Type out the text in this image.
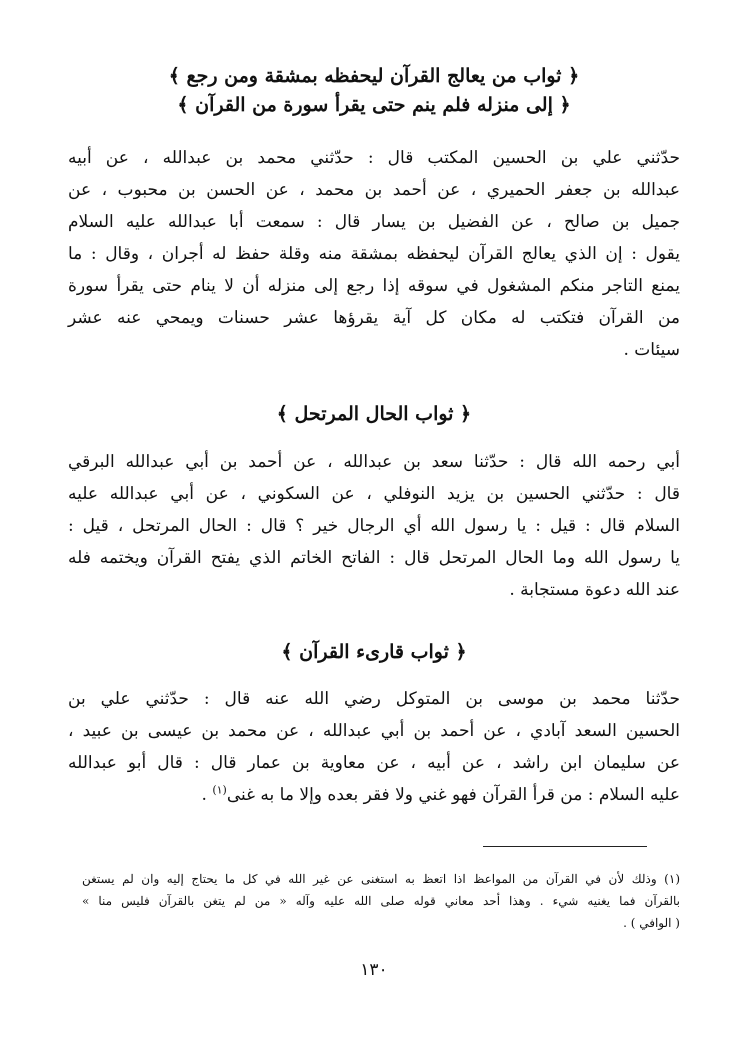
﴿ ثواب من يعالج القرآن ليحفظه بمشقة ومن رجع ﴾
﴿ إلى منزله فلم ينم حتى يقرأ سورة من القرآن ﴾

حدّثني علي بن الحسين المكتب قال : حدّثني محمد بن عبدالله ، عن أبيه

عبدالله بن جعفر الحميري ، عن أحمد بن محمد ، عن الحسن بن محبوب ، عن

جميل بن صالح ، عن الفضيل بن يسار قال : سمعت أبا عبدالله عليه السلام

يقول : إن الذي يعالج القرآن ليحفظه بمشقة منه وقلة حفظ له أجران ، وقال : ما

يمنع التاجر منكم المشغول في سوقه إذا رجع إلى منزله أن لا ينام حتى يقرأ سورة

من القرآن فتكتب له مكان كل آية يقرؤها عشر حسنات ويمحي عنه عشر

سيئات .

﴿ ثواب الحال المرتحل ﴾

أبي رحمه الله قال : حدّثنا سعد بن عبدالله ، عن أحمد بن أبي عبدالله البرقي

قال : حدّثني الحسين بن يزيد النوفلي ، عن السكوني ، عن أبي عبدالله عليه

السلام قال : قيل : يا رسول الله أي الرجال خير ؟ قال : الحال المرتحل ، قيل :

يا رسول الله وما الحال المرتحل قال : الفاتح الخاتم الذي يفتح القرآن ويختمه فله

عند الله دعوة مستجابة .

﴿ ثواب قارىء القرآن ﴾

حدّثنا محمد بن موسى بن المتوكل رضي الله عنه قال : حدّثني علي بن

الحسين السعد آبادي ، عن أحمد بن أبي عبدالله ، عن محمد بن عيسى بن عبيد ،

عن سليمان ابن راشد ، عن أبيه ، عن معاوية بن عمار قال : قال أبو عبدالله

عليه السلام : من قرأ القرآن فهو غني ولا فقر بعده وإلا ما به غنى$^{(١)}$ .

(١) وذلك لأن في القرآن من المواعظ اذا اتعظ به استغنى عن غير الله في كل ما يحتاج إليه وان لم يستغن

بالقرآن فما يغنيه شيء . وهذا أحد معاني قوله صلى الله عليه وآله « من لم يتغن بالقرآن فليس منا »

( الوافي ) .

١٣٠
